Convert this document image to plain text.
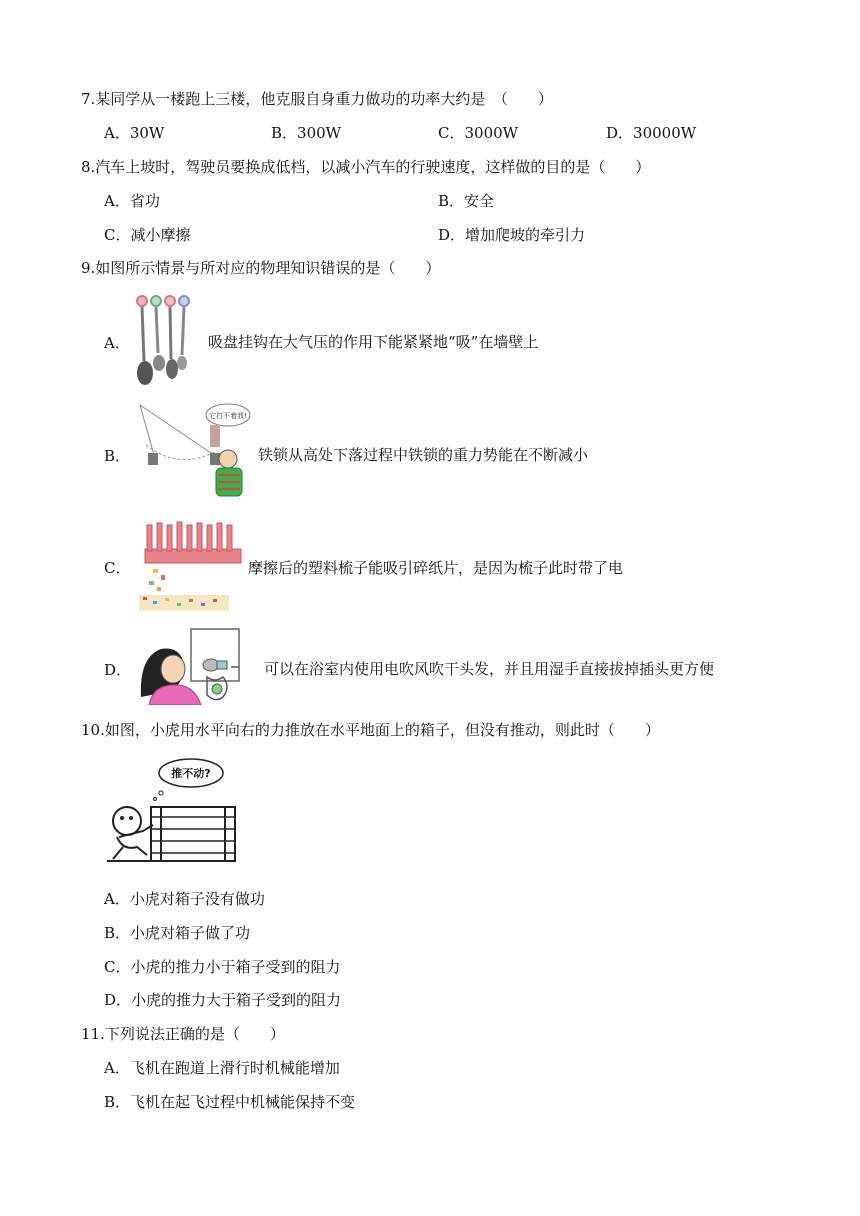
7.某同学从一楼跑上三楼，他克服自身重力做功的功率大约是　（　　）
A．30W	B．300W	C．3000W	D．30000W
8.汽车上坡时，驾驶员要换成低档，以减小汽车的行驶速度，这样做的目的是（　　）
A．省功	B．安全
C．减小摩擦	D．增加爬坡的牵引力
9.如图所示情景与所对应的物理知识错误的是（　　）
A．	吸盘挂钩在大气压的作用下能紧紧地“吸”在墙壁上
B．
它打不着我!
铁锁从高处下落过程中铁锁的重力势能在不断减小
C．	摩擦后的塑料梳子能吸引碎纸片，是因为梳子此时带了电
D．	可以在浴室内使用电吹风吹干头发，并且用湿手直接拔掉插头更方便
10.如图，小虎用水平向右的力推放在水平地面上的箱子，但没有推动，则此时（　　）
推不动?
A．小虎对箱子没有做功
B．小虎对箱子做了功
C．小虎的推力小于箱子受到的阻力
D．小虎的推力大于箱子受到的阻力
11.下列说法正确的是（　　）
A．飞机在跑道上滑行时机械能增加
B．飞机在起飞过程中机械能保持不变
